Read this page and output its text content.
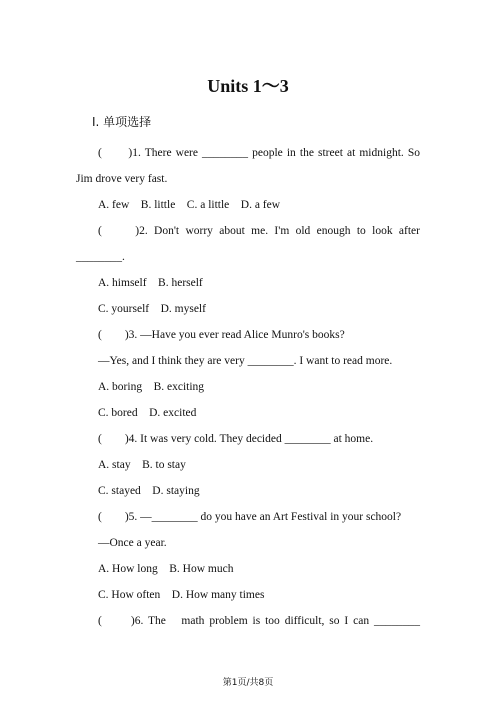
Units 1～3
Ⅰ. 单项选择

(　　)1. There were ________ people in the street at midnight. So

Jim drove very fast.

A. few　B. little　C. a little　D. a few

(　　)2. Don't worry about me. I'm old enough to look after

________.

A. himself　B. herself

C. yourself　D. myself

(　　)3. —Have you ever read Alice Munro's books?

—Yes, and I think they are very ________. I want to read more.

A. boring　B. exciting

C. bored　D. excited

(　　)4. It was very cold. They decided ________ at home.

A. stay　B. to stay

C. stayed　D. staying

(　　)5. —________ do you have an Art Festival in your school?

—Once a year.

A. How long　B. How much

C. How often　D. How many times

(　　)6. The　math problem is too difficult, so I can ________

第1页/共8页
